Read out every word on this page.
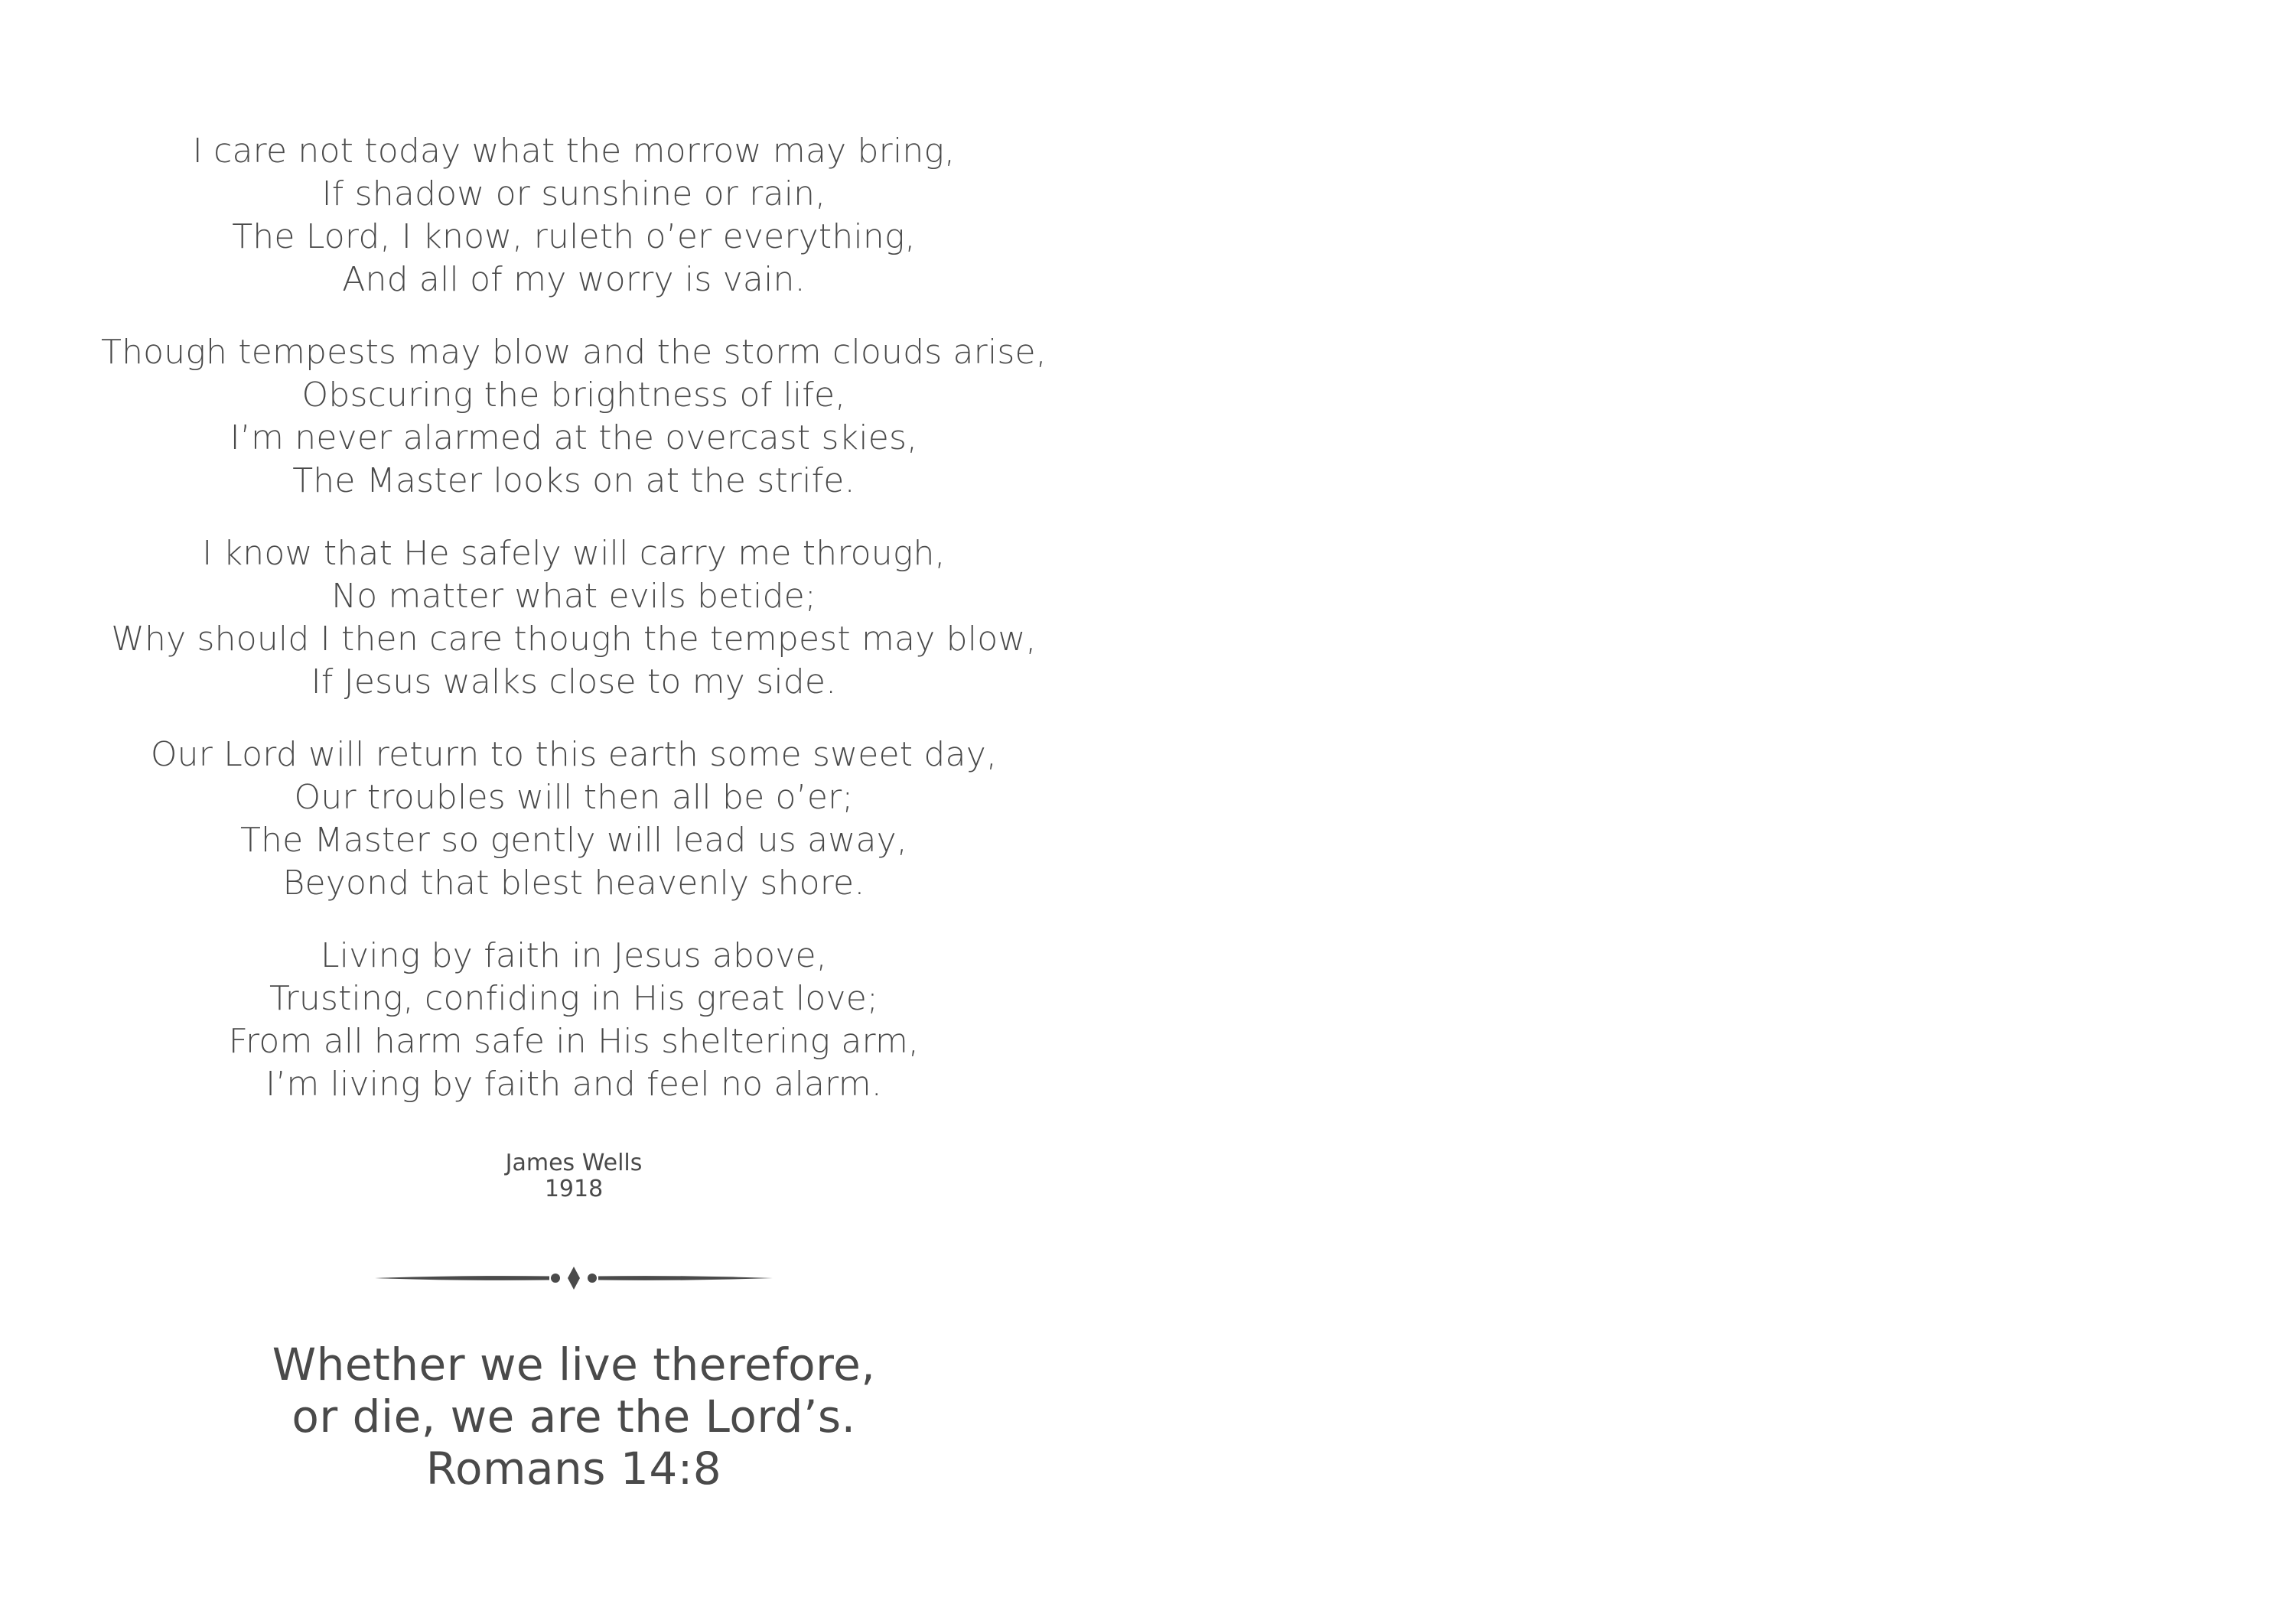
I care not today what the morrow may bring,
If shadow or sunshine or rain,
The Lord, I know, ruleth o’er everything,
And all of my worry is vain.
Though tempests may blow and the storm clouds arise,
Obscuring the brightness of life,
I’m never alarmed at the overcast skies,
The Master looks on at the strife.
I know that He safely will carry me through,
No matter what evils betide;
Why should I then care though the tempest may blow,
If Jesus walks close to my side.
Our Lord will return to this earth some sweet day,
Our troubles will then all be o’er;
The Master so gently will lead us away,
Beyond that blest heavenly shore.
Living by faith in Jesus above,
Trusting, confiding in His great love;
From all harm safe in His sheltering arm,
I’m living by faith and feel no alarm.
James Wells
1918
Whether we live therefore,
or die, we are the Lord’s.
Romans 14:8
